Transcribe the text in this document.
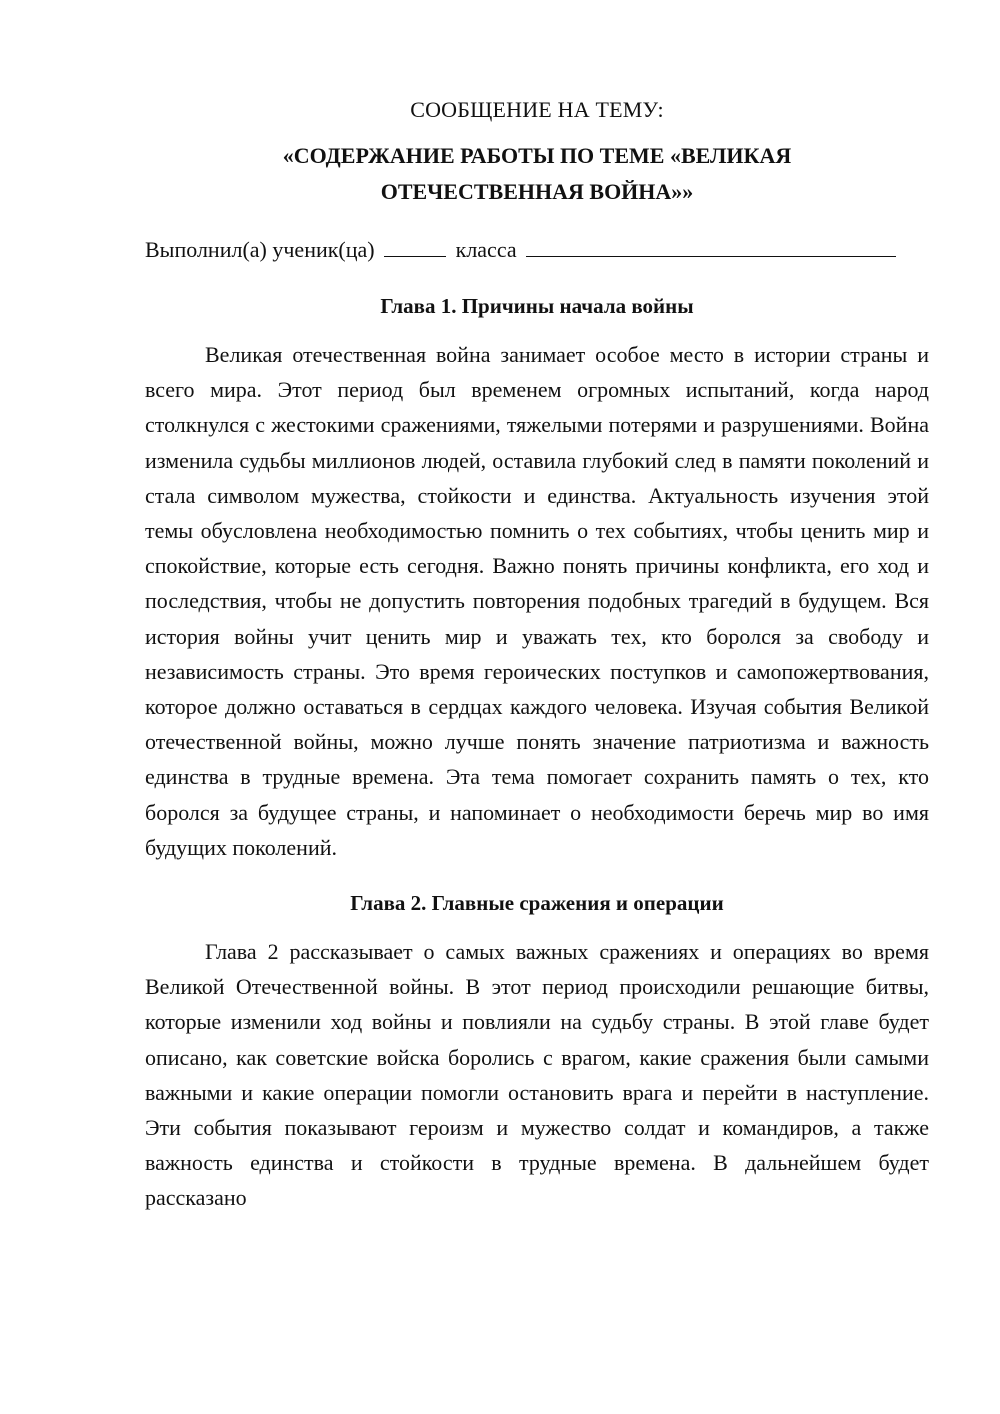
СООБЩЕНИЕ НА ТЕМУ:

«СОДЕРЖАНИЕ РАБОТЫ ПО ТЕМЕ «ВЕЛИКАЯ ОТЕЧЕСТВЕННАЯ ВОЙНА»»

Выполнил(а) ученик(ца)	класса

Глава 1. Причины начала войны

Великая отечественная война занимает особое место в истории страны и всего мира. Этот период был временем огромных испытаний, когда народ столкнулся с жестокими сражениями, тяжелыми потерями и разрушениями. Война изменила судьбы миллионов людей, оставила глубокий след в памяти поколений и стала символом мужества, стойкости и единства. Актуальность изучения этой темы обусловлена необходимостью помнить о тех событиях, чтобы ценить мир и спокойствие, которые есть сегодня. Важно понять причины конфликта, его ход и последствия, чтобы не допустить повторения подобных трагедий в будущем. Вся история войны учит ценить мир и уважать тех, кто боролся за свободу и независимость страны. Это время героических поступков и самопожертвования, которое должно оставаться в сердцах каждого человека. Изучая события Великой отечественной войны, можно лучше понять значение патриотизма и важность единства в трудные времена. Эта тема помогает сохранить память о тех, кто боролся за будущее страны, и напоминает о необходимости беречь мир во имя будущих поколений.

Глава 2. Главные сражения и операции

Глава 2 рассказывает о самых важных сражениях и операциях во время Великой Отечественной войны. В этот период происходили решающие битвы, которые изменили ход войны и повлияли на судьбу страны. В этой главе будет описано, как советские войска боролись с врагом, какие сражения были самыми важными и какие операции помогли остановить врага и перейти в наступление. Эти события показывают героизм и мужество солдат и командиров, а также важность единства и стойкости в трудные времена. В дальнейшем будет рассказано
